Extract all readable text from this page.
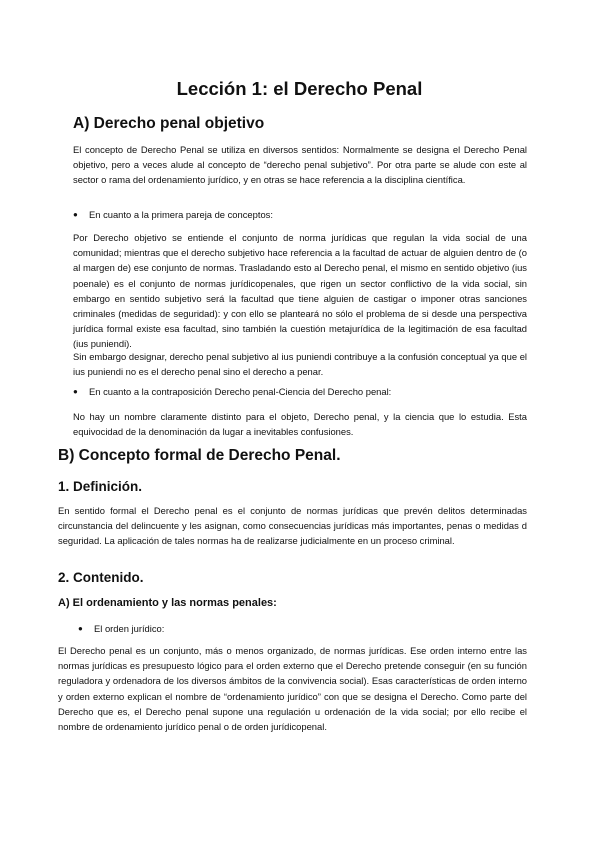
Lección 1: el Derecho Penal
A) Derecho penal objetivo

El concepto de Derecho Penal se utiliza en diversos sentidos: Normalmente se designa el Derecho Penal objetivo, pero a veces alude al concepto de “derecho penal subjetivo”. Por otra parte se alude con este al sector o rama del ordenamiento jurídico, y en otras se hace referencia a la disciplina científica.

● En cuanto a la primera pareja de conceptos:

Por Derecho objetivo se entiende el conjunto de norma jurídicas que regulan la vida social de una comunidad; mientras que el derecho subjetivo hace referencia a la facultad de actuar de alguien dentro de (o al margen de) ese conjunto de normas. Trasladando esto al Derecho penal, el mismo en sentido objetivo (ius poenale) es el conjunto de normas jurídicopenales, que rigen un sector conflictivo de la vida social, sin embargo en sentido subjetivo será la facultad que tiene alguien de castigar o imponer otras sanciones criminales (medidas de seguridad): y con ello se planteará no sólo el problema de si desde una perspectiva jurídica formal existe esa facultad, sino también la cuestión metajurídica de la legitimación de esa facultad (ius puniendi).

Sin embargo designar, derecho penal subjetivo al ius puniendi contribuye a la confusión conceptual ya que el ius puniendi no es el derecho penal sino el derecho a penar.

● En cuanto a la contraposición Derecho penal-Ciencia del Derecho penal:

No hay un nombre claramente distinto para el objeto, Derecho penal, y la ciencia que lo estudia. Esta equivocidad de la denominación da lugar a inevitables confusiones.

B) Concepto formal de Derecho Penal.
1. Definición.

En sentido formal el Derecho penal es el conjunto de normas jurídicas que prevén delitos determinadas circunstancia del delincuente y les asignan, como consecuencias jurídicas más importantes, penas o medidas d seguridad. La aplicación de tales normas ha de realizarse judicialmente en un proceso criminal.

2. Contenido.
A) El ordenamiento y las normas penales:
● El orden jurídico:

El Derecho penal es un conjunto, más o menos organizado, de normas jurídicas. Ese orden interno entre las normas jurídicas es presupuesto lógico para el orden externo que el Derecho pretende conseguir (en su función reguladora y ordenadora de los diversos ámbitos de la convivencia social). Esas características de orden interno y orden externo explican el nombre de “ordenamiento jurídico” con que se designa el Derecho. Como parte del Derecho que es, el Derecho penal supone una regulación u ordenación de la vida social; por ello recibe el nombre de ordenamiento jurídico penal o de orden jurídicopenal.
